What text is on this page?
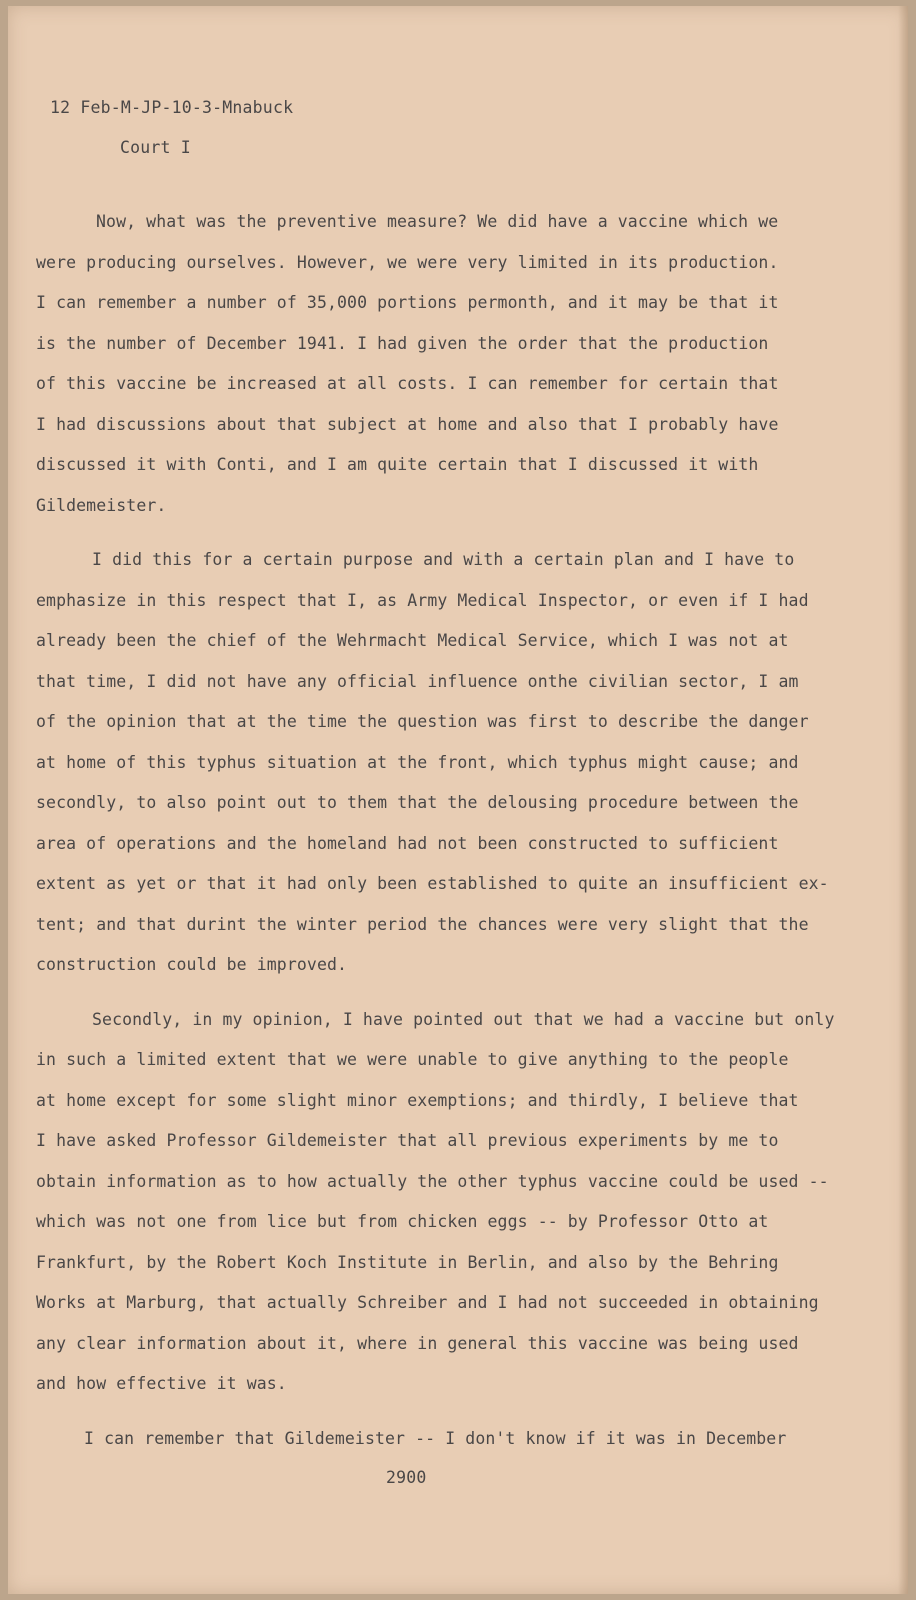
12 Feb-M-JP-10-3-Mnabuck
Court I
Now, what was the preventive measure? We did have a vaccine which we
were producing ourselves. However, we were very limited in its production.
I can remember a number of 35,000 portions permonth, and it may be that it
is the number of December 1941. I had given the order that the production
of this vaccine be increased at all costs. I can remember for certain that
I had discussions about that subject at home and also that I probably have
discussed it with Conti, and I am quite certain that I discussed it with
Gildemeister.
I did this for a certain purpose and with a certain plan and I have to
emphasize in this respect that I, as Army Medical Inspector, or even if I had
already been the chief of the Wehrmacht Medical Service, which I was not at
that time, I did not have any official influence onthe civilian sector, I am
of the opinion that at the time the question was first to describe the danger
at home of this typhus situation at the front, which typhus might cause; and
secondly, to also point out to them that the delousing procedure between the
area of operations and the homeland had not been constructed to sufficient
extent as yet or that it had only been established to quite an insufficient ex-
tent; and that durint the winter period the chances were very slight that the
construction could be improved.
Secondly, in my opinion, I have pointed out that we had a vaccine but only
in such a limited extent that we were unable to give anything to the people
at home except for some slight minor exemptions; and thirdly, I believe that
I have asked Professor Gildemeister that all previous experiments by me to
obtain information as to how actually the other typhus vaccine could be used --
which was not one from lice but from chicken eggs -- by Professor Otto at
Frankfurt, by the Robert Koch Institute in Berlin, and also by the Behring
Works at Marburg, that actually Schreiber and I had not succeeded in obtaining
any clear information about it, where in general this vaccine was being used
and how effective it was.
I can remember that Gildemeister -- I don't know if it was in December
2900
